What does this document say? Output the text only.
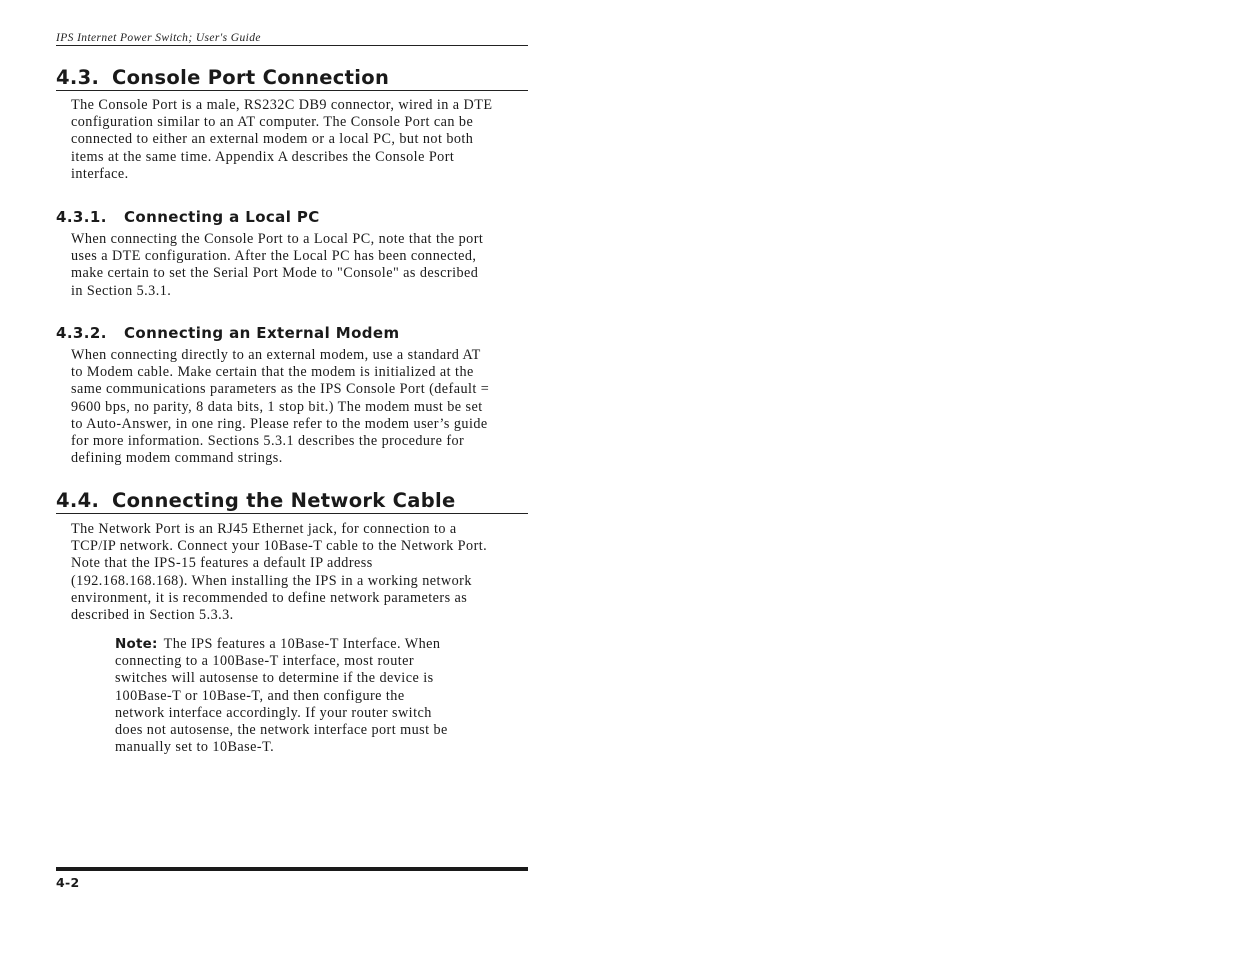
IPS Internet Power Switch; User's Guide
4.3. Console Port Connection

The Console Port is a male, RS232C DB9 connector, wired in a DTE
configuration similar to an AT computer. The Console Port can be
connected to either an external modem or a local PC, but not both
items at the same time. Appendix A describes the Console Port
interface.

4.3.1. Connecting a Local PC

When connecting the Console Port to a Local PC, note that the port
uses a DTE configuration. After the Local PC has been connected,
make certain to set the Serial Port Mode to "Console" as described
in Section 5.3.1.

4.3.2. Connecting an External Modem

When connecting directly to an external modem, use a standard AT
to Modem cable. Make certain that the modem is initialized at the
same communications parameters as the IPS Console Port (default =
9600 bps, no parity, 8 data bits, 1 stop bit.) The modem must be set
to Auto-Answer, in one ring. Please refer to the modem user’s guide
for more information. Sections 5.3.1 describes the procedure for
defining modem command strings.

4.4. Connecting the Network Cable

The Network Port is an RJ45 Ethernet jack, for connection to a
TCP/IP network. Connect your 10Base-T cable to the Network Port.
Note that the IPS-15 features a default IP address
(192.168.168.168). When installing the IPS in a working network
environment, it is recommended to define network parameters as
described in Section 5.3.3.

Note: The IPS features a 10Base-T Interface. When
connecting to a 100Base-T interface, most router
switches will autosense to determine if the device is
100Base-T or 10Base-T, and then configure the
network interface accordingly. If your router switch
does not autosense, the network interface port must be
manually set to 10Base-T.

4-2
